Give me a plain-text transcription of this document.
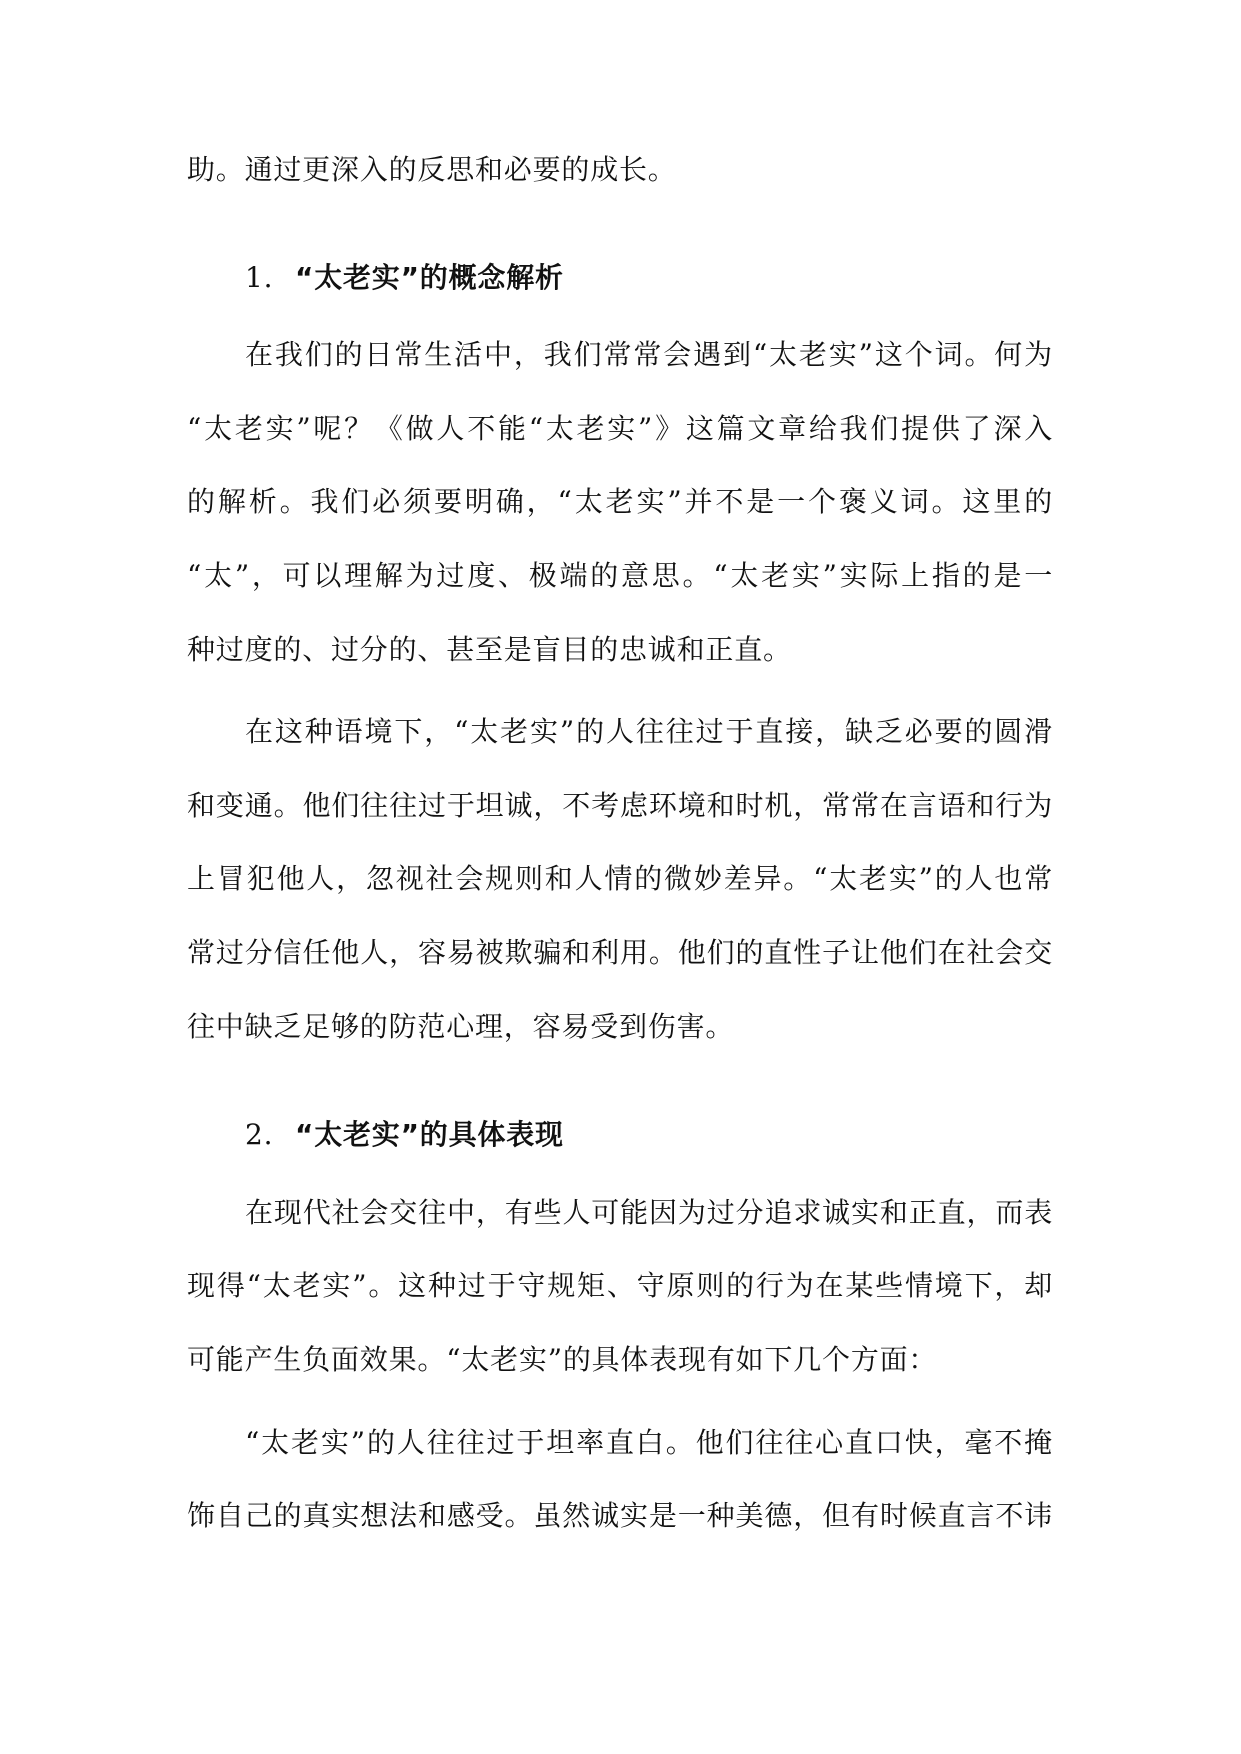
助。通过更深入的反思和必要的成长。
1. “太老实”的概念解析
在我们的日常生活中，我们常常会遇到“太老实”这个词。何为
“太老实”呢？《做人不能“太老实”》这篇文章给我们提供了深入
的解析。我们必须要明确，“太老实”并不是一个褒义词。这里的
“太”，可以理解为过度、极端的意思。“太老实”实际上指的是一
种过度的、过分的、甚至是盲目的忠诚和正直。
在这种语境下，“太老实”的人往往过于直接，缺乏必要的圆滑
和变通。他们往往过于坦诚，不考虑环境和时机，常常在言语和行为
上冒犯他人，忽视社会规则和人情的微妙差异。“太老实”的人也常
常过分信任他人，容易被欺骗和利用。他们的直性子让他们在社会交
往中缺乏足够的防范心理，容易受到伤害。
2. “太老实”的具体表现
在现代社会交往中，有些人可能因为过分追求诚实和正直，而表
现得“太老实”。这种过于守规矩、守原则的行为在某些情境下，却
可能产生负面效果。“太老实”的具体表现有如下几个方面：
“太老实”的人往往过于坦率直白。他们往往心直口快，毫不掩
饰自己的真实想法和感受。虽然诚实是一种美德，但有时候直言不讳
